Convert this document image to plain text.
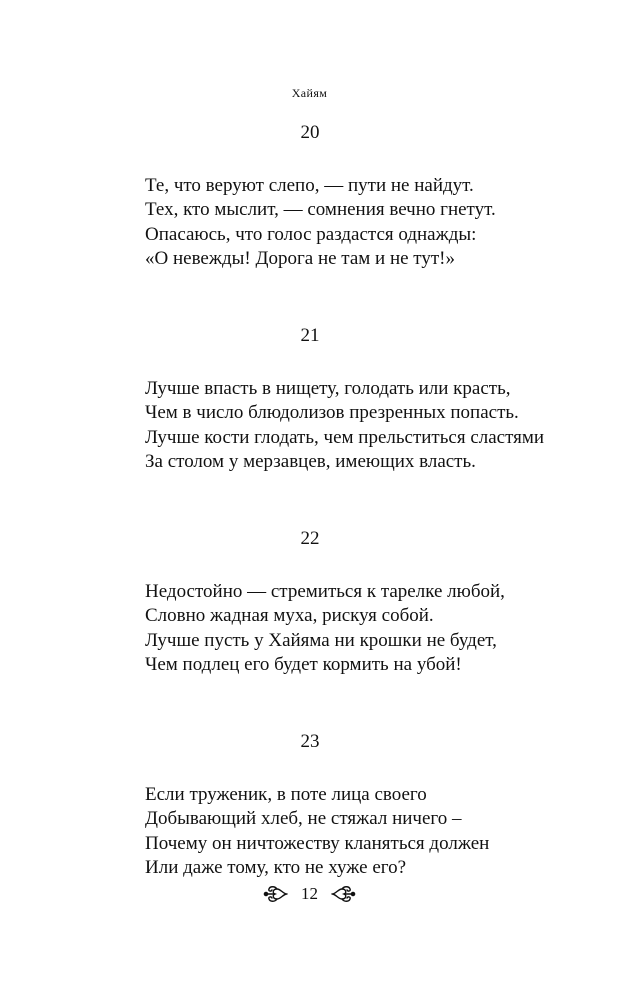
Хайям
20
Те, что веруют слепо, — пути не найдут.
Тех, кто мыслит, — сомнения вечно гнетут.
Опасаюсь, что голос раздастся однажды:
«О невежды! Дорога не там и не тут!»
21
Лучше впасть в нищету, голодать или красть,
Чем в число блюдолизов презренных попасть.
Лучше кости глодать, чем прельститься сластями
За столом у мерзавцев, имеющих власть.
22
Недостойно — стремиться к тарелке любой,
Словно жадная муха, рискуя собой.
Лучше пусть у Хайяма ни крошки не будет,
Чем подлец его будет кормить на убой!
23
Если труженик, в поте лица своего
Добывающий хлеб, не стяжал ничего –
Почему он ничтожеству кланяться должен
Или даже тому, кто не хуже его?
12
